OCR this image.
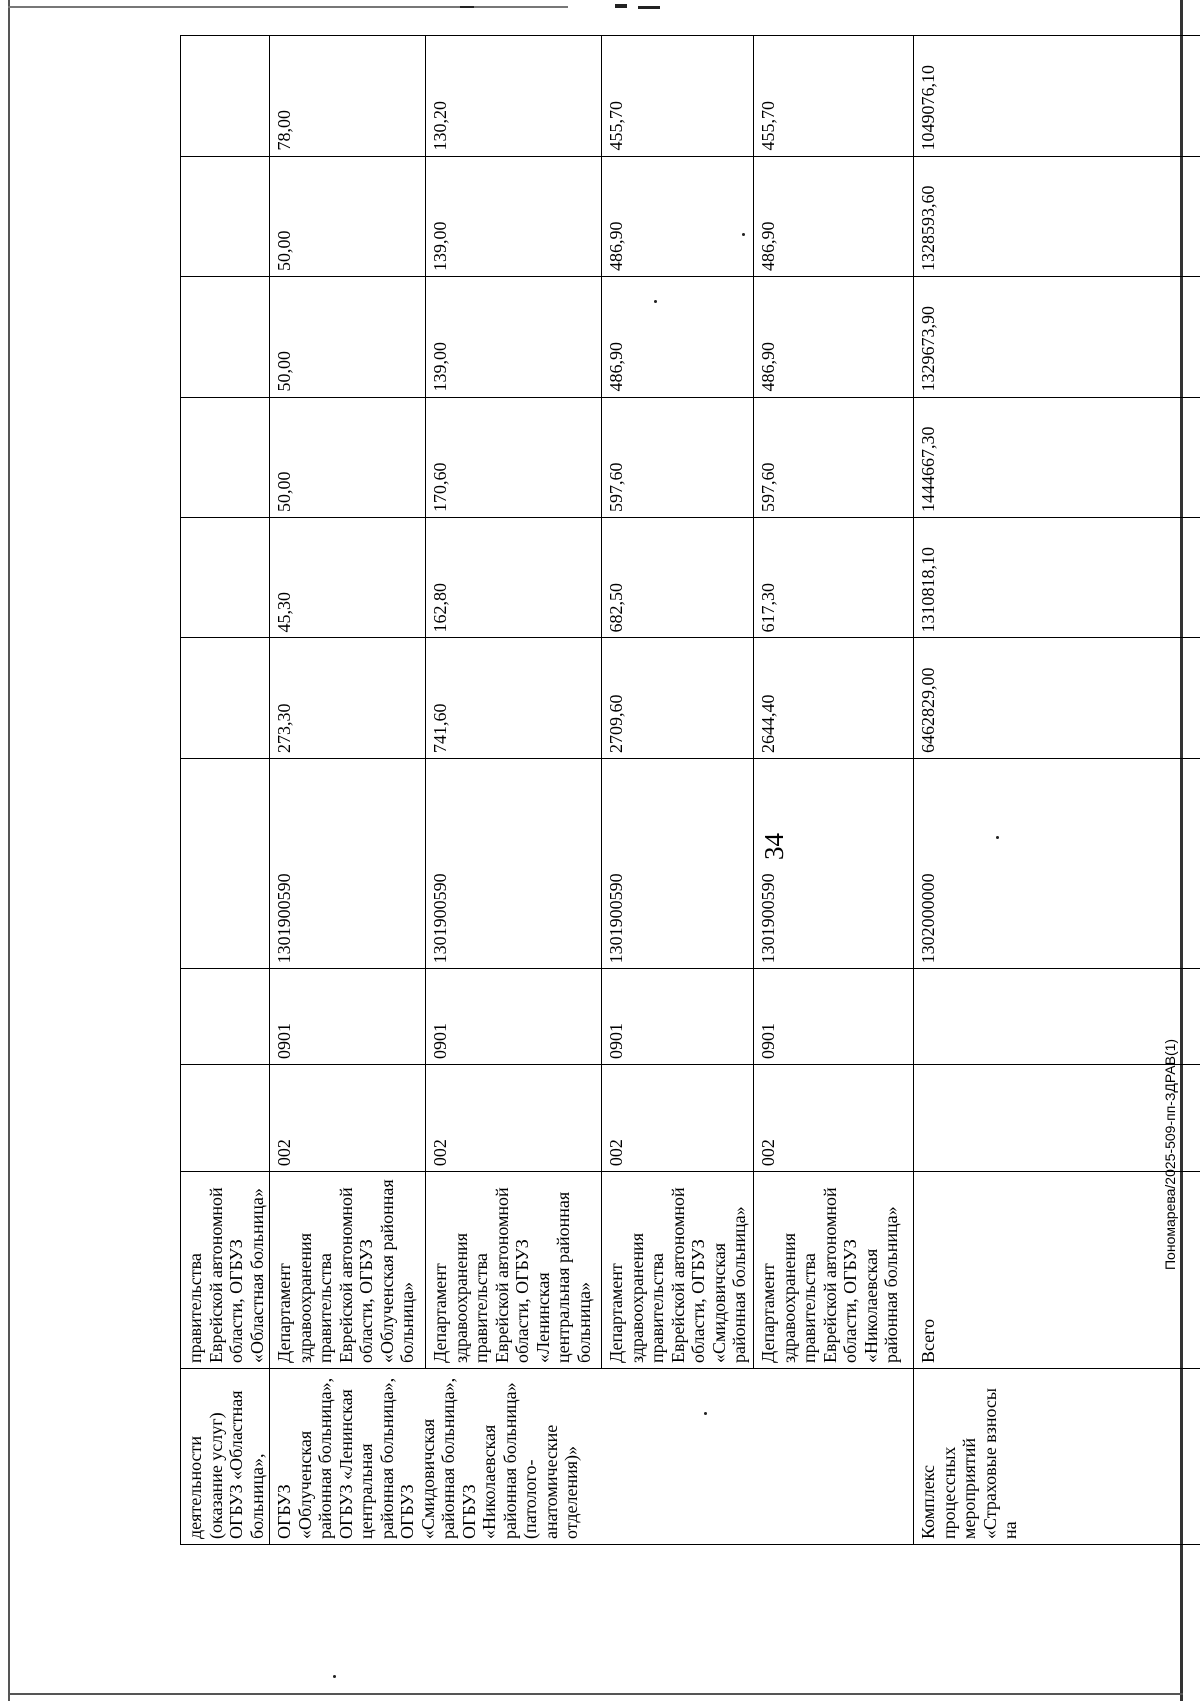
34
Пономарева/2025-509-пп-ЗДРАВ(1)
деятельности (оказание услуг) ОГБУЗ «Областная больница»,	правительства Еврейской автономной области, ОГБУЗ «Областная больница»									
ОГБУЗ «Облученская районная больница», ОГБУЗ «Ленинская центральная районная больница», ОГБУЗ «Смидовичская районная больница», ОГБУЗ «Николаевская районная больница» (патолого-анатомические отделения)»	Департамент здравоохранения правительства Еврейской автономной области, ОГБУЗ «Облученская районная больница»	002	0901	1301900590	273,30	45,30	50,00	50,00	50,00	78,00
	Департамент здравоохранения правительства Еврейской автономной области, ОГБУЗ «Ленинская центральная районная больница»	002	0901	1301900590	741,60	162,80	170,60	139,00	139,00	130,20
	Департамент здравоохранения правительства Еврейской автономной области, ОГБУЗ «Смидовичская районная больница»	002	0901	1301900590	2709,60	682,50	597,60	486,90	486,90	455,70
	Департамент здравоохранения правительства Еврейской автономной области, ОГБУЗ «Николаевская районная больница»	002	0901	1301900590	2644,40	617,30	597,60	486,90	486,90	455,70
Комплекс процессных мероприятий «Страховые взносы на	Всего			1302000000	6462829,00	1310818,10	1444667,30	1329673,90	1328593,60	1049076,10
